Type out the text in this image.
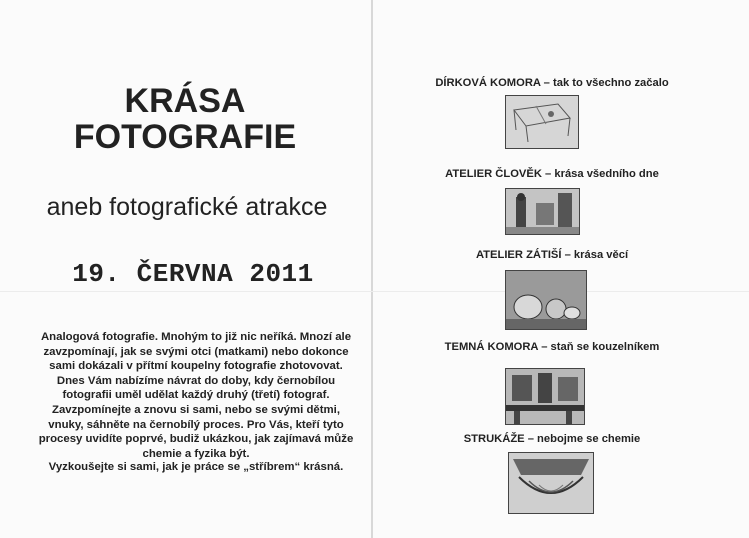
KRÁSA
FOTOGRAFIE
aneb fotografické atrakce
19. ČERVNA 2011
Analogová fotografie. Mnohým to již nic neříká. Mnozí ale
zavzpomínají, jak se svými otci (matkami) nebo dokonce
sami dokázali v přítmí koupelny fotografie zhotovovat.
Dnes Vám nabízíme návrat do doby, kdy černobílou
fotografii uměl udělat každý druhý (třetí) fotograf.
Zavzpomínejte a znovu si sami, nebo se svými dětmi,
vnuky, sáhněte na černobílý proces. Pro Vás, kteří tyto
procesy uvidíte poprvé, budiž ukázkou, jak zajímavá může
chemie a fyzika být.
Vyzkoušejte si sami, jak je práce se „stříbrem“ krásná.
DÍRKOVÁ KOMORA – tak to všechno začalo
ATELIER ČLOVĚK – krása všedního dne
ATELIER ZÁTIŠÍ – krása věcí
TEMNÁ KOMORA – staň se kouzelníkem
STRUKÁŽE – nebojme se chemie
